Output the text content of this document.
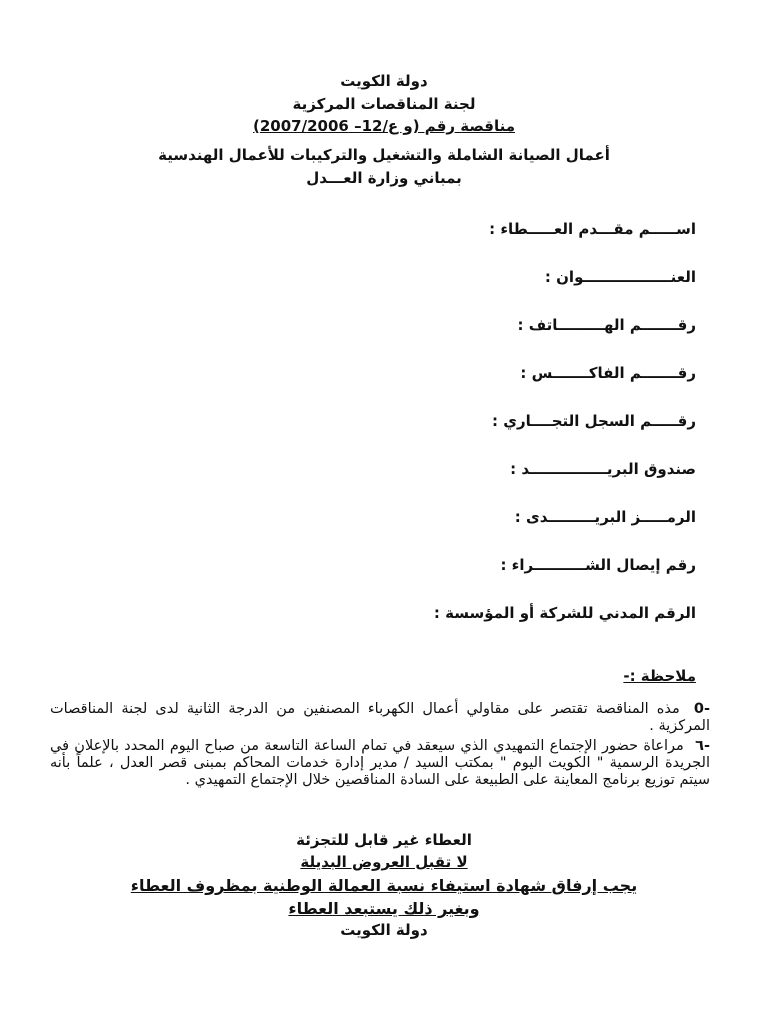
دولة الكويت
لجنة المناقصات المركزية
مناقصة رقم (و ع/12– 2007/2006)
أعمال الصيانة الشاملة والتشغيل والتركيبات للأعمال الهندسية
بمباني وزارة العـــدل
اســـــم مقـــدم العـــــطاء :
العنـــــــــــــــــوان :
رقـــــــم الهـــــــــاتف :
رقـــــــم الفاكـــــــس :
رقـــــم السجل التجــــاري :
صندوق البريـــــــــــــــد :
الرمـــــز البريـــــــــدى :
رقم إيصال الشــــــــــراء :
الرقم المدني للشركة أو المؤسسة :
ملاحظة :-
-0 مذه المناقصة تقتصر على مقاولي أعمال الكهرباء المصنفين من الدرجة الثانية لدى لجنة المناقصات المركزية .
-٦ مراعاة حضور الإجتماع التمهيدي الذي سيعقد في تمام الساعة التاسعة من صباح اليوم المحدد بالإعلان في الجريدة الرسمية " الكويت اليوم " بمكتب السيد / مدير إدارة خدمات المحاكم بمبنى قصر العدل ، علماً بأنه سيتم توزيع برنامج المعاينة على الطبيعة على السادة المناقصين خلال الإجتماع التمهيدي .
العطاء غير قابل للتجزئة
لا تقبل العروض البديلة
يجب إرفاق شهادة استيفاء نسبة العمالة الوطنية بمظروف العطاء
وبغير ذلك يستبعد العطاء
دولة الكويت
